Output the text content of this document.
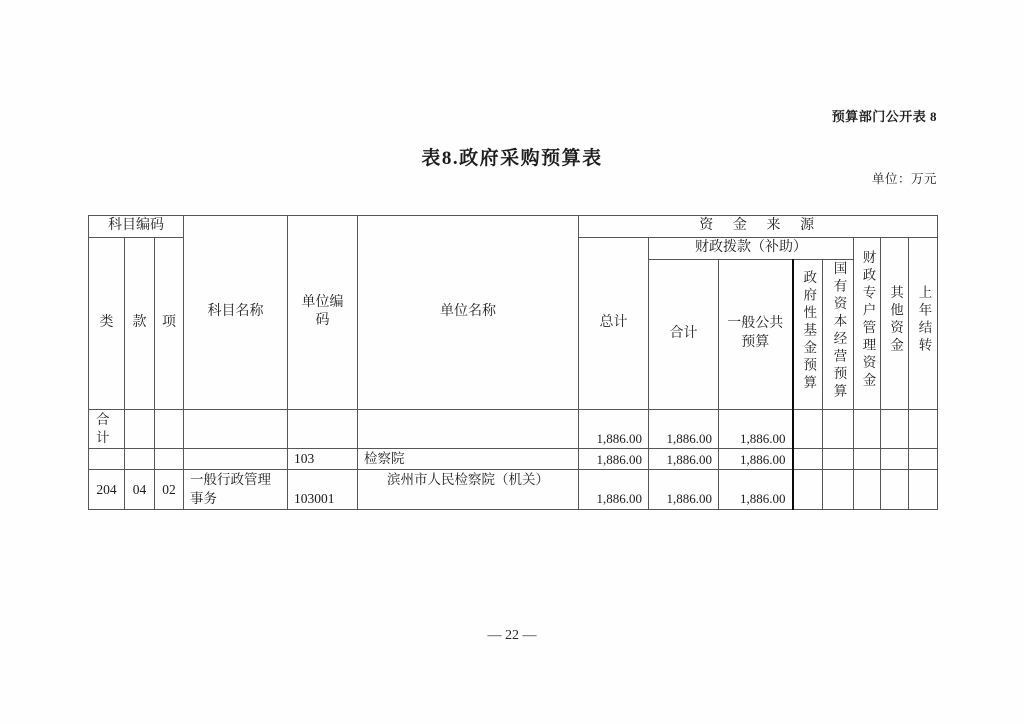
预算部门公开表 8
表8.政府采购预算表
单位：万元
科目编码			科目名称	单位编码	单位名称	资　金　来　源							
类	款	项				总计	财政拨款（补助）				财政专户管理资金	其他资金	上年结转
							合计	一般公共预算	政府性基金预算	国有资本经营预算			
合计						1,886.00	1,886.00	1,886.00					
				103	检察院	1,886.00	1,886.00	1,886.00					
204	04	02	一般行政管理事务	103001	滨州市人民检察院（机关）	1,886.00	1,886.00	1,886.00					
— 22 —
